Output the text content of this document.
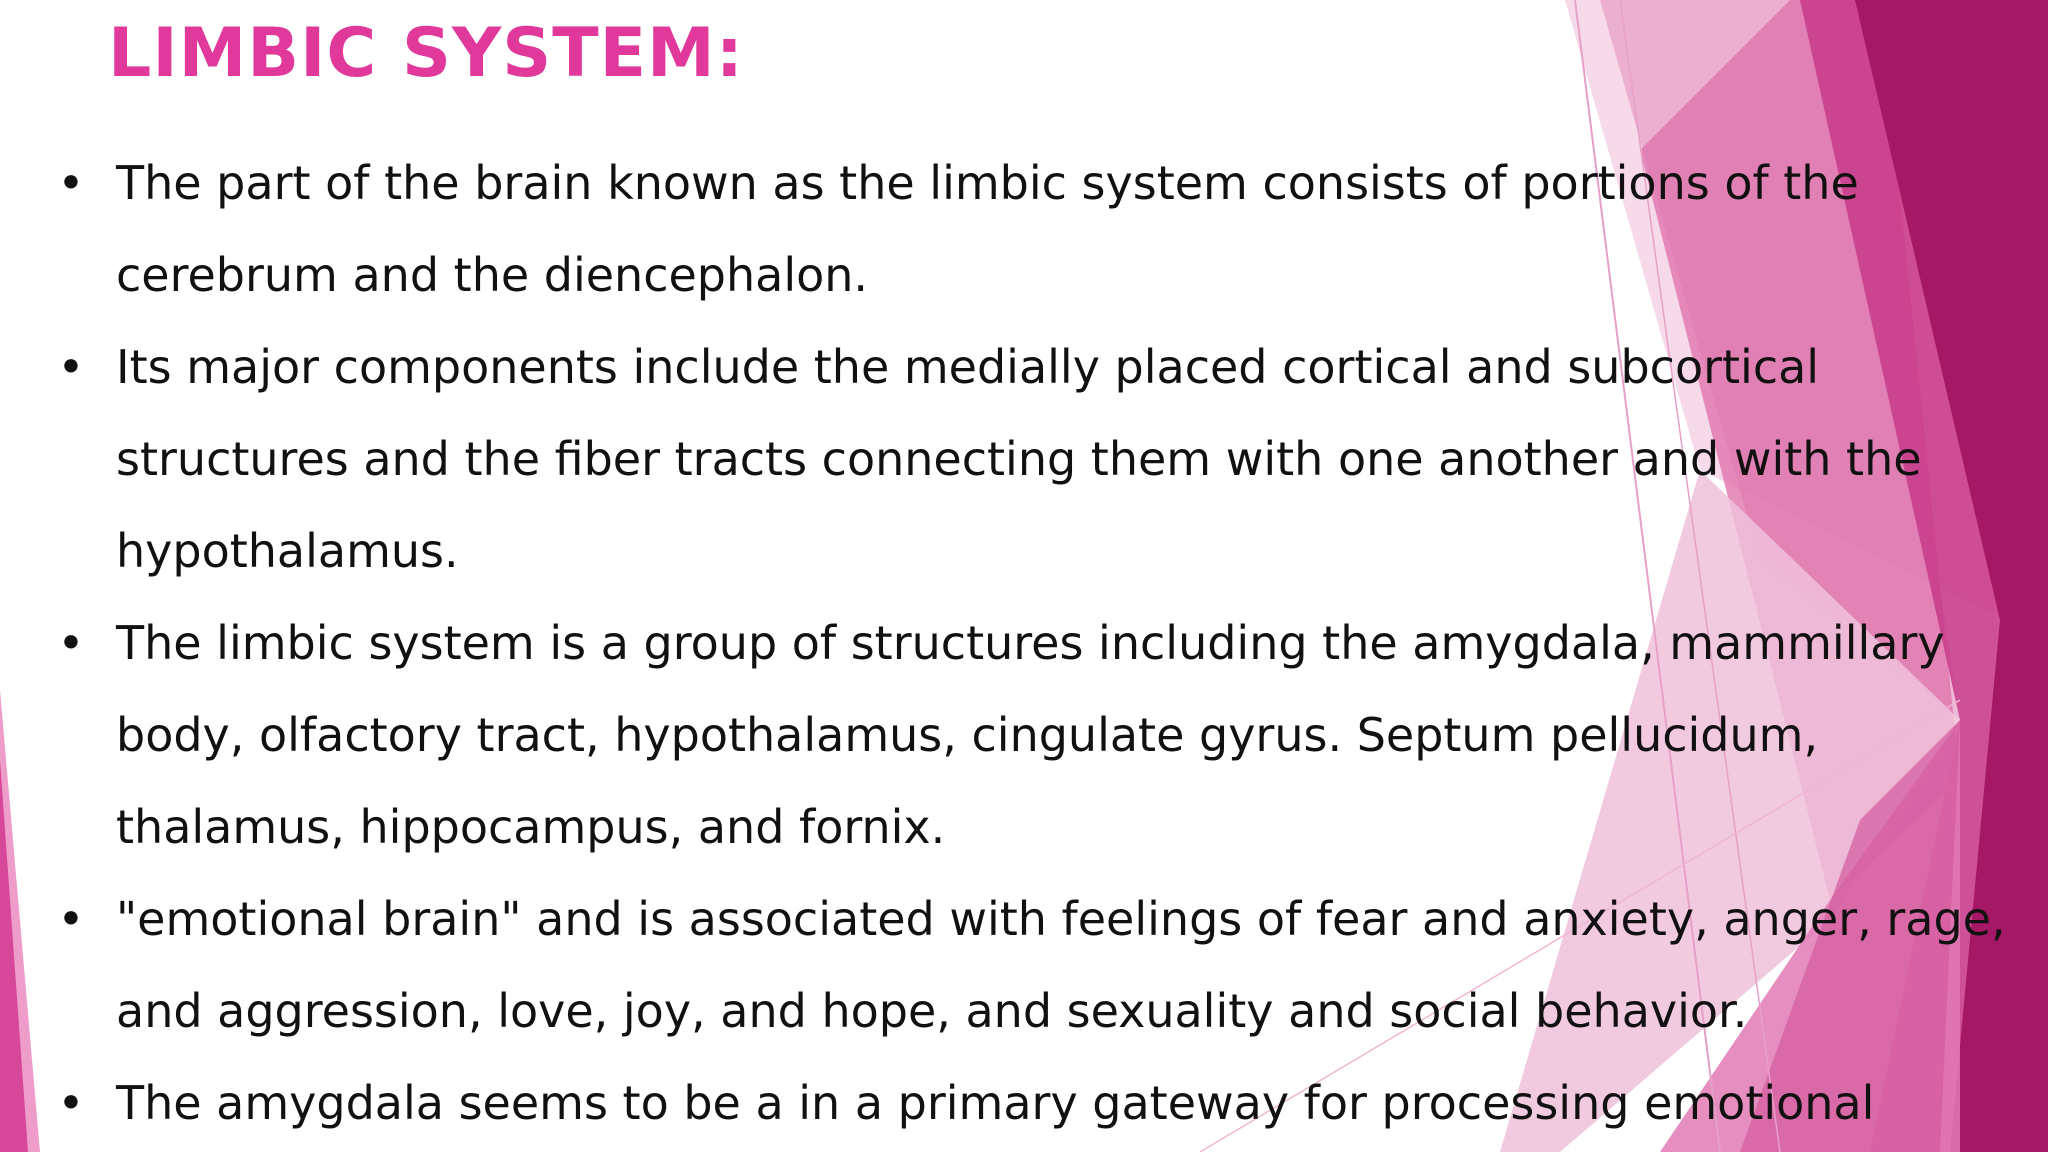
LIMBIC SYSTEM:
• The part of the brain known as the limbic system consists of portions of the
cerebrum and the diencephalon.
• Its major components include the medially placed cortical and subcortical
structures and the fiber tracts connecting them with one another and with the
hypothalamus.
• The limbic system is a group of structures including the amygdala, mammillary
body, olfactory tract, hypothalamus, cingulate gyrus. Septum pellucidum,
thalamus, hippocampus, and fornix.
• "emotional brain" and is associated with feelings of fear and anxiety, anger, rage,
and aggression, love, joy, and hope, and sexuality and social behavior.
• The amygdala seems to be a in a primary gateway for processing emotional
